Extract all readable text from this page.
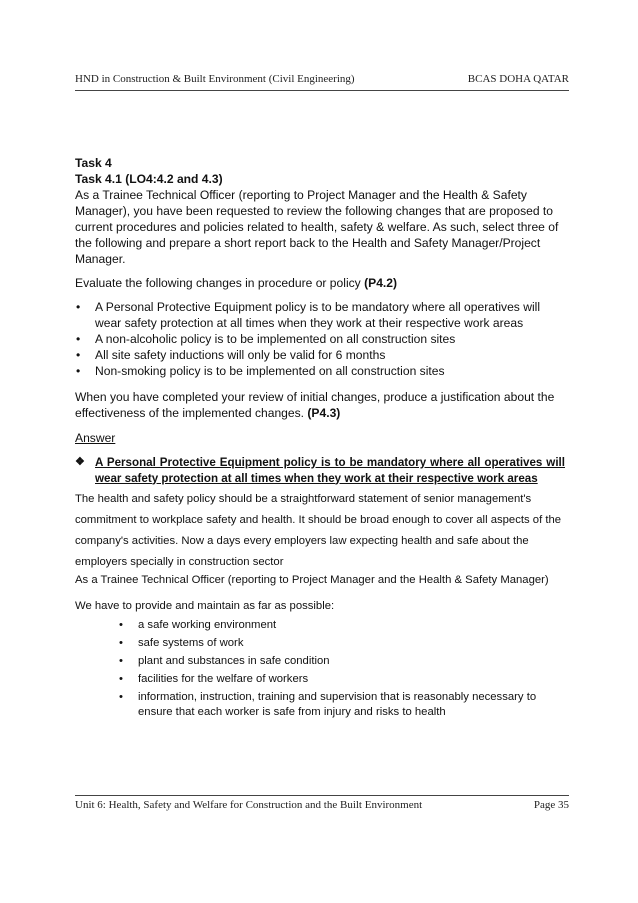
HND in Construction & Built Environment (Civil Engineering)	BCAS DOHA QATAR

Task 4

Task 4.1 (LO4:4.2 and 4.3)

As a Trainee Technical Officer (reporting to Project Manager and the Health & Safety Manager), you have been requested to review the following changes that are proposed to current procedures and policies related to health, safety & welfare. As such, select three of the following and prepare a short report back to the Health and Safety Manager/Project Manager.

Evaluate the following changes in procedure or policy (P4.2)

• A Personal Protective Equipment policy is to be mandatory where all operatives will wear safety protection at all times when they work at their respective work areas
• A non-alcoholic policy is to be implemented on all construction sites
• All site safety inductions will only be valid for 6 months
• Non-smoking policy is to be implemented on all construction sites

When you have completed your review of initial changes, produce a justification about the effectiveness of the implemented changes. (P4.3)

Answer

❖ A Personal Protective Equipment policy is to be mandatory where all operatives will wear safety protection at all times when they work at their respective work areas

The health and safety policy should be a straightforward statement of senior management's commitment to workplace safety and health. It should be broad enough to cover all aspects of the company's activities. Now a days every employers law expecting health and safe about the employers specially in construction sector

As a Trainee Technical Officer (reporting to Project Manager and the Health & Safety Manager)

We have to provide and maintain as far as possible:

• a safe working environment
• safe systems of work
• plant and substances in safe condition
• facilities for the welfare of workers
• information, instruction, training and supervision that is reasonably necessary to ensure that each worker is safe from injury and risks to health
Unit 6: Health, Safety and Welfare for Construction and the Built Environment	Page 35
